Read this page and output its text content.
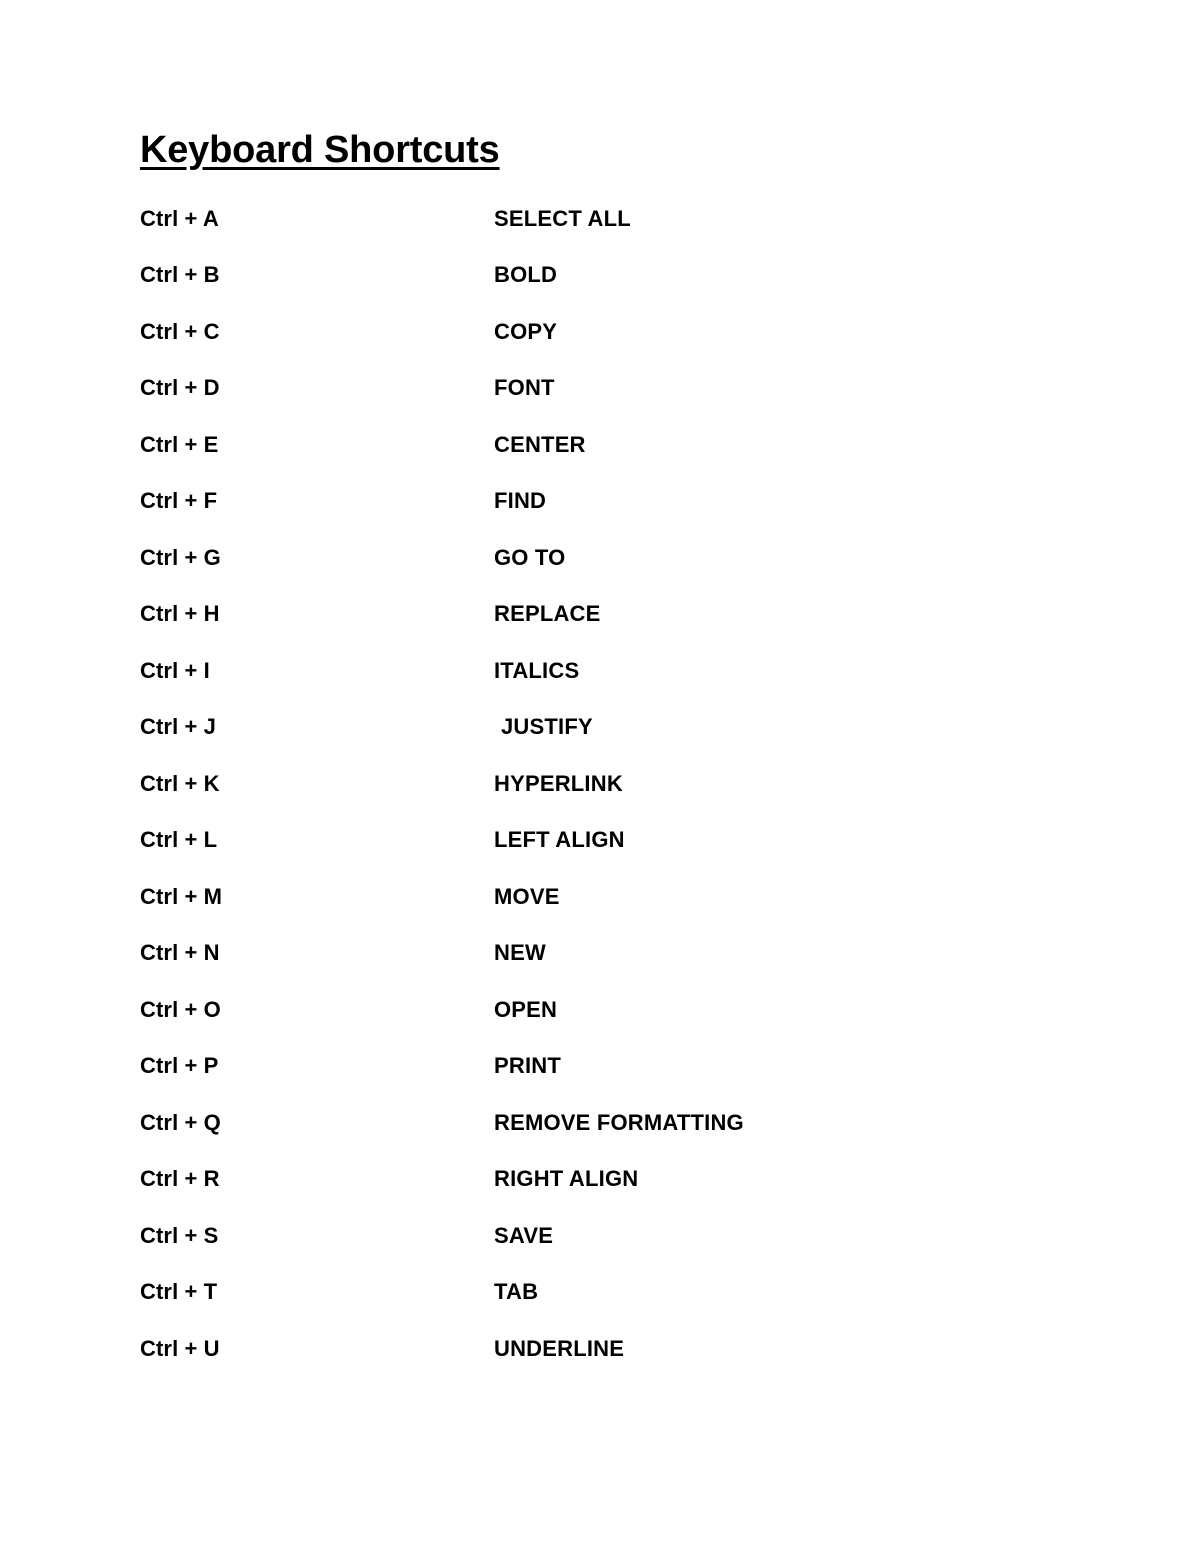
Keyboard Shortcuts
Ctrl + A	SELECT ALL
Ctrl + B	BOLD
Ctrl + C	COPY
Ctrl + D	FONT
Ctrl + E	CENTER
Ctrl + F	FIND
Ctrl + G	GO TO
Ctrl + H	REPLACE
Ctrl + I	ITALICS
Ctrl + J	JUSTIFY
Ctrl + K	HYPERLINK
Ctrl + L	LEFT ALIGN
Ctrl + M	MOVE
Ctrl + N	NEW
Ctrl + O	OPEN
Ctrl + P	PRINT
Ctrl + Q	REMOVE FORMATTING
Ctrl + R	RIGHT ALIGN
Ctrl + S	SAVE
Ctrl + T	TAB
Ctrl + U	UNDERLINE
